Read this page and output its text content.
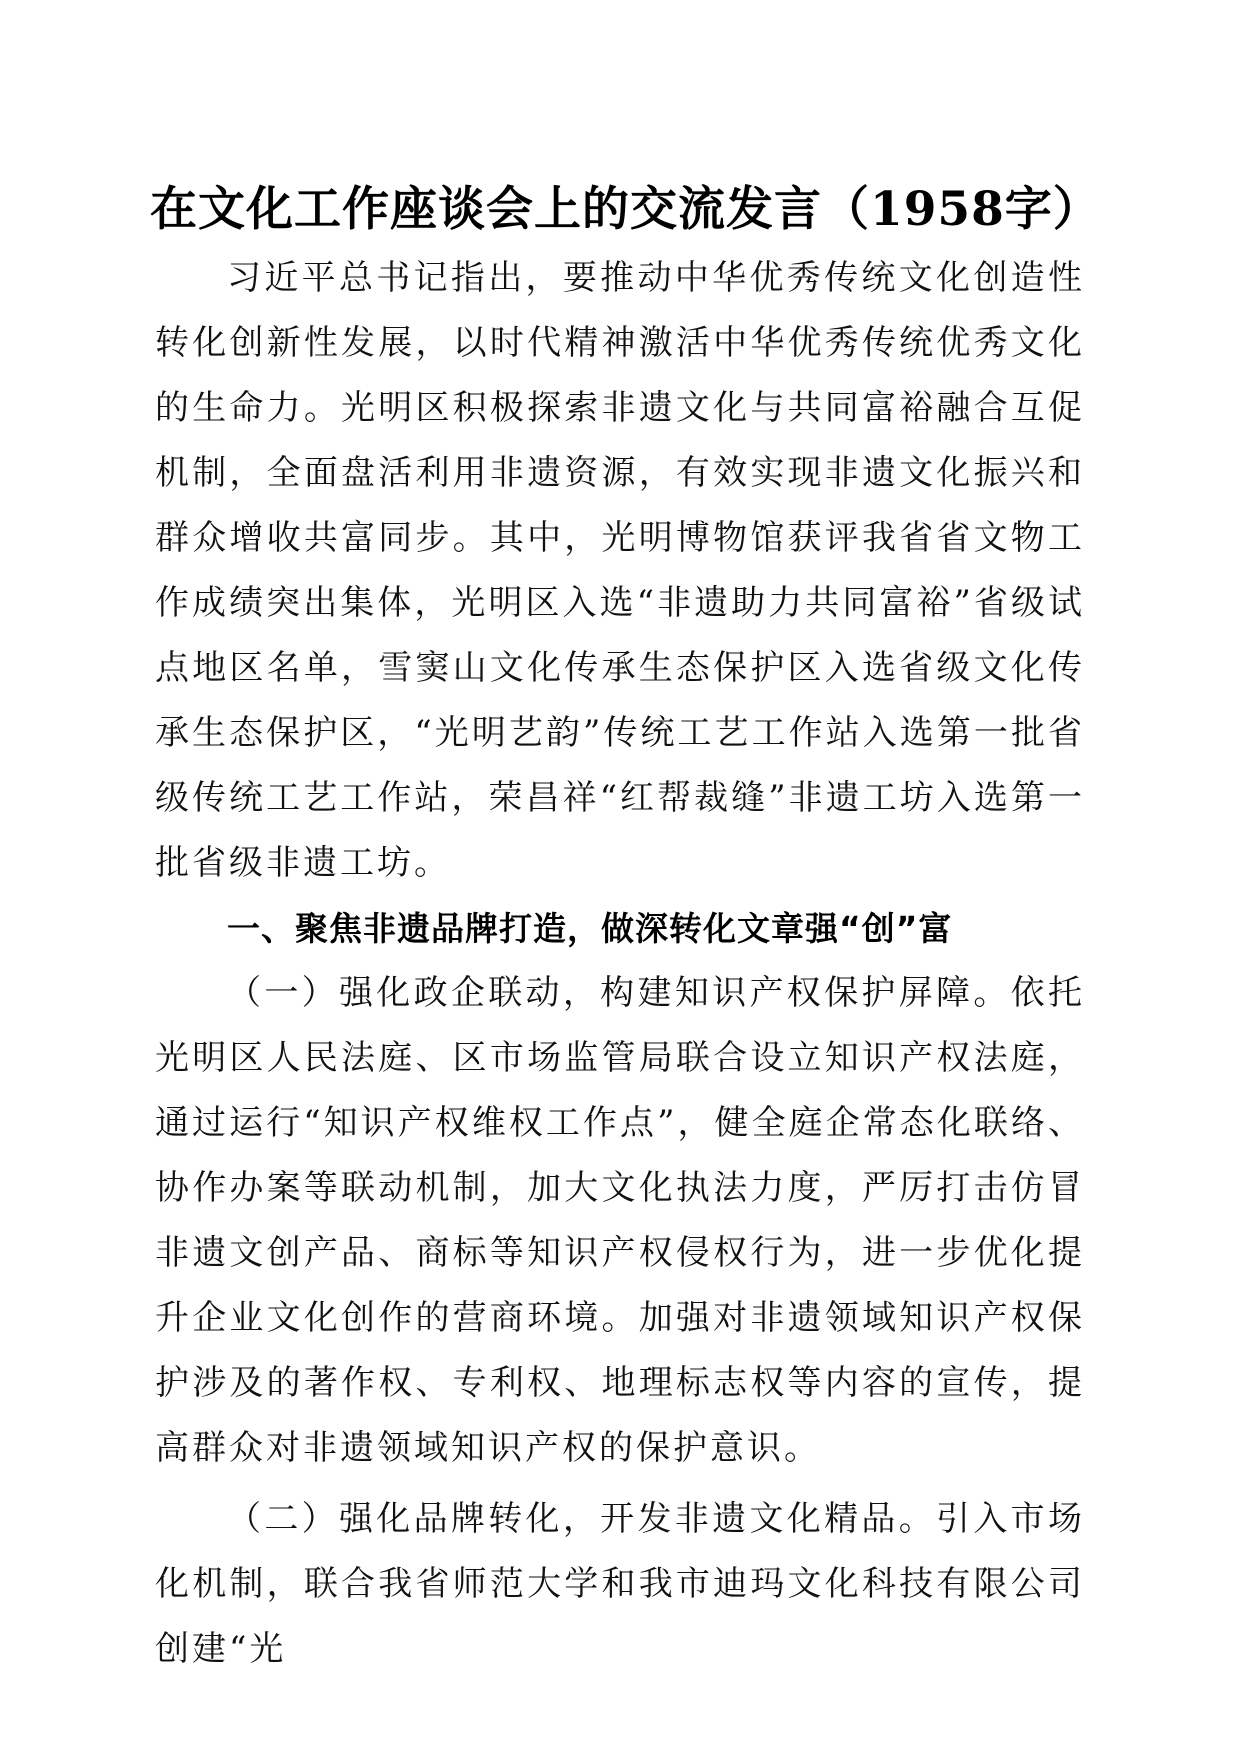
在文化工作座谈会上的交流发言（1958字）

习近平总书记指出，要推动中华优秀传统文化创造性转化创新性发展，以时代精神激活中华优秀传统优秀文化的生命力。光明区积极探索非遗文化与共同富裕融合互促机制，全面盘活利用非遗资源，有效实现非遗文化振兴和群众增收共富同步。其中，光明博物馆获评我省省文物工作成绩突出集体，光明区入选“非遗助力共同富裕”省级试点地区名单，雪窦山文化传承生态保护区入选省级文化传承生态保护区，“光明艺韵”传统工艺工作站入选第一批省级传统工艺工作站，荣昌祥“红帮裁缝”非遗工坊入选第一批省级非遗工坊。

一、聚焦非遗品牌打造，做深转化文章强“创”富

（一）强化政企联动，构建知识产权保护屏障。依托光明区人民法庭、区市场监管局联合设立知识产权法庭，通过运行“知识产权维权工作点”，健全庭企常态化联络、协作办案等联动机制，加大文化执法力度，严厉打击仿冒非遗文创产品、商标等知识产权侵权行为，进一步优化提升企业文化创作的营商环境。加强对非遗领域知识产权保护涉及的著作权、专利权、地理标志权等内容的宣传，提高群众对非遗领域知识产权的保护意识。

（二）强化品牌转化，开发非遗文化精品。引入市场化机制，联合我省师范大学和我市迪玛文化科技有限公司创建“光
